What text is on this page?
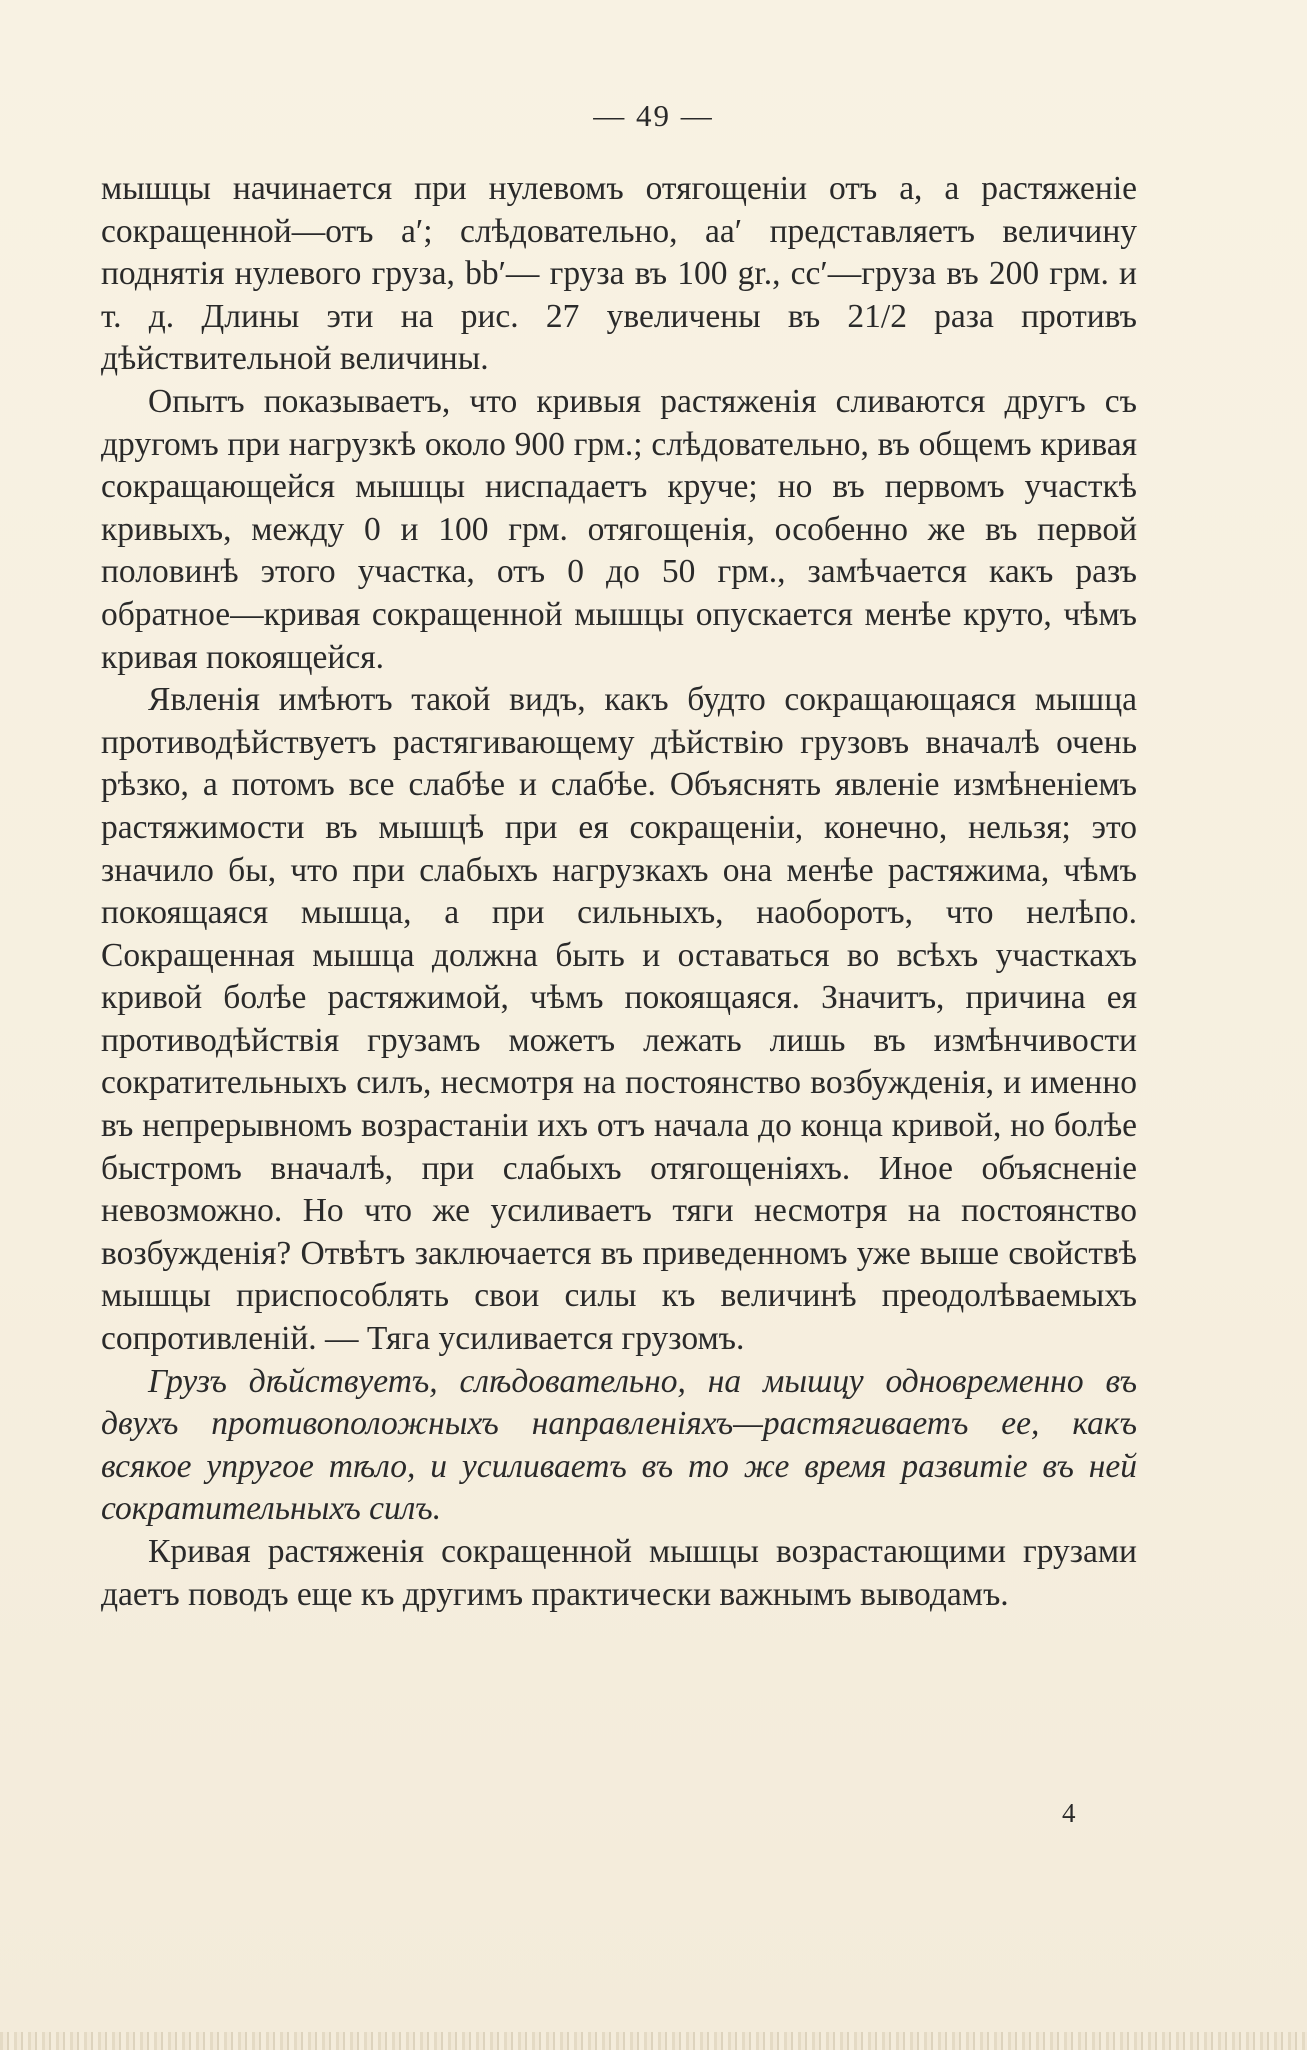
— 49 —

мышцы начинается при нулевомъ отягощеніи отъ a, а растяженіе сокращенной—отъ a′; слѣдовательно, aa′ представляетъ величину поднятія нулевого груза, bb′— груза въ 100 gr., cc′—груза въ 200 грм. и т. д. Длины эти на рис. 27 увеличены въ 21/2 раза противъ дѣйствительной величины.

Опытъ показываетъ, что кривыя растяженія сливаются другъ съ другомъ при нагрузкѣ около 900 грм.; слѣдовательно, въ общемъ кривая сокращающейся мышцы ниспадаетъ круче; но въ первомъ участкѣ кривыхъ, между 0 и 100 грм. отягощенія, особенно же въ первой половинѣ этого участка, отъ 0 до 50 грм., замѣчается какъ разъ обратное—кривая сокращенной мышцы опускается менѣе круто, чѣмъ кривая покоящейся.

Явленія имѣютъ такой видъ, какъ будто сокращающаяся мышца противодѣйствуетъ растягивающему дѣйствію грузовъ вначалѣ очень рѣзко, а потомъ все слабѣе и слабѣе. Объяснять явленіе измѣненіемъ растяжимости въ мышцѣ при ея сокращеніи, конечно, нельзя; это значило бы, что при слабыхъ нагрузкахъ она менѣе растяжима, чѣмъ покоящаяся мышца, а при сильныхъ, наоборотъ, что нелѣпо. Сокращенная мышца должна быть и оставаться во всѣхъ участкахъ кривой болѣе растяжимой, чѣмъ покоящаяся. Значитъ, причина ея противодѣйствія грузамъ можетъ лежать лишь въ измѣнчивости сократительныхъ силъ, несмотря на постоянство возбужденія, и именно въ непрерывномъ возрастаніи ихъ отъ начала до конца кривой, но болѣе быстромъ вначалѣ, при слабыхъ отягощеніяхъ. Иное объясненіе невозможно. Но что же усиливаетъ тяги несмотря на постоянство возбужденія? Отвѣтъ заключается въ приведенномъ уже выше свойствѣ мышцы приспособлять свои силы къ величинѣ преодолѣваемыхъ сопротивленій. — Тяга усиливается грузомъ.

Грузъ дѣйствуетъ, слѣдовательно, на мышцу одновременно въ двухъ противоположныхъ направленіяхъ—растягиваетъ ее, какъ всякое упругое тѣло, и усиливаетъ въ то же время развитіе въ ней сократительныхъ силъ.

Кривая растяженія сокращенной мышцы возрастающими грузами даетъ поводъ еще къ другимъ практически важнымъ выводамъ.

4
